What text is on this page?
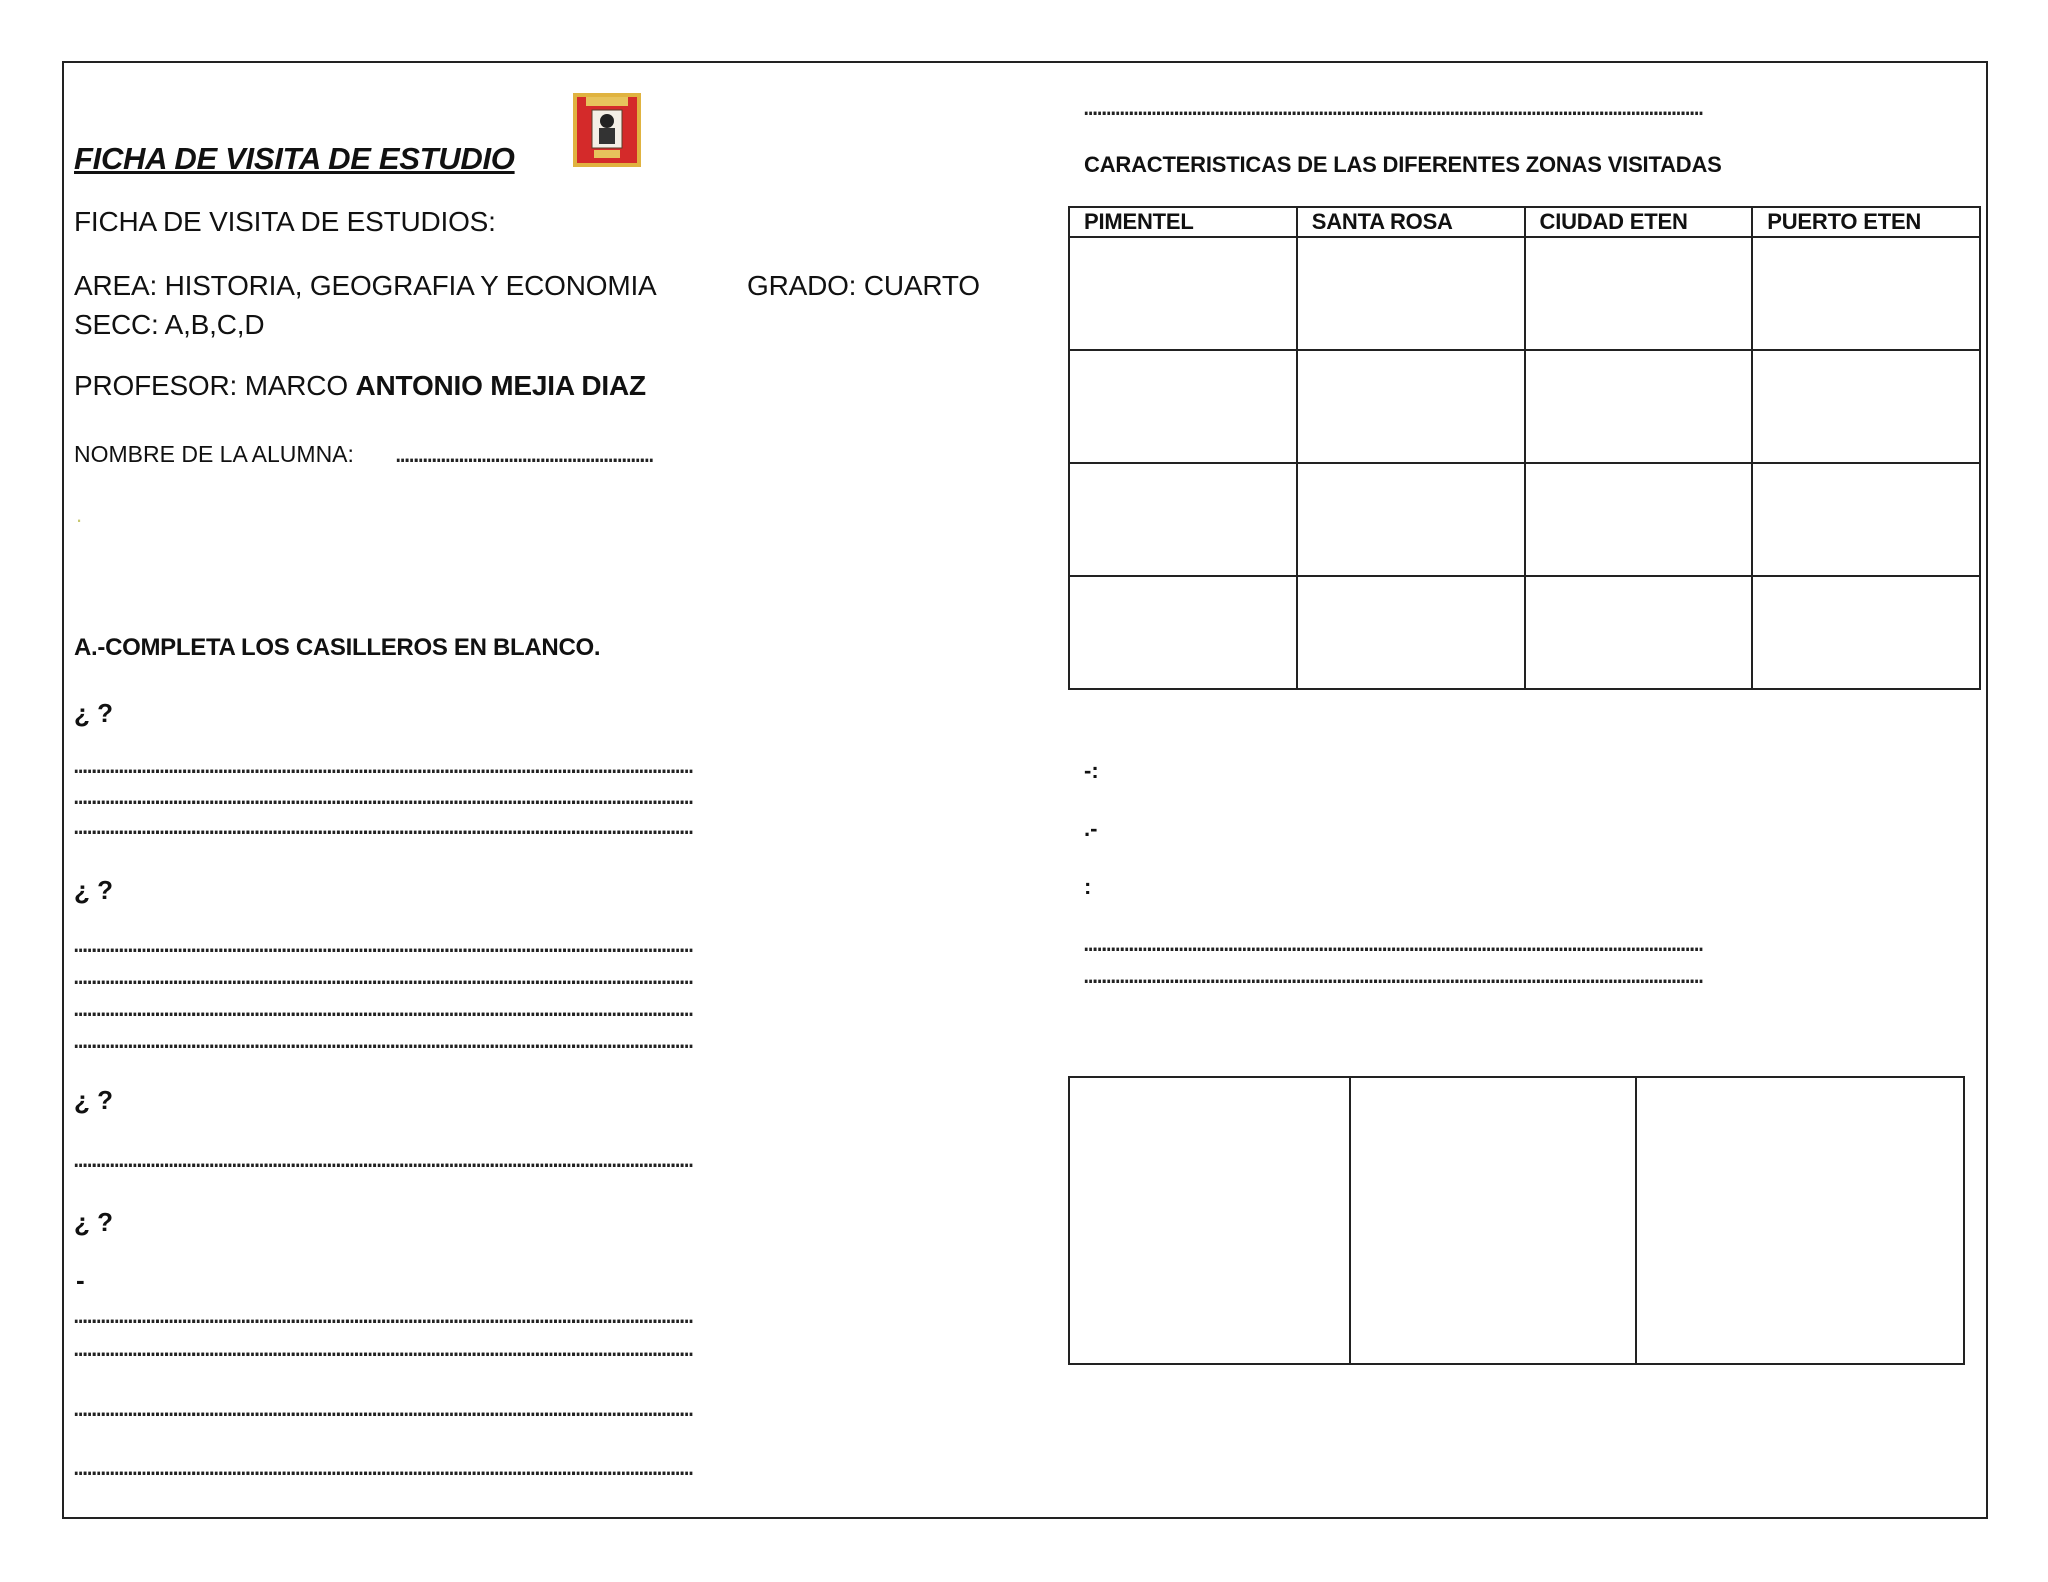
FICHA DE VISITA DE ESTUDIO
FICHA DE VISITA DE ESTUDIOS:
AREA: HISTORIA, GEOGRAFIA Y ECONOMIA	GRADO: CUARTO
SECC: A,B,C,D
PROFESOR: MARCO ANTONIO MEJIA DIAZ
NOMBRE DE LA ALUMNA: …………………………………………………………………………
.
A.-COMPLETA LOS CASILLEROS EN BLANCO.
¿ ?
……………………………………………………………………………………………………………………………………………………………………………………
……………………………………………………………………………………………………………………………………………………………………………………
……………………………………………………………………………………………………………………………………………………………………………………
¿ ?
……………………………………………………………………………………………………………………………………………………………………………………
……………………………………………………………………………………………………………………………………………………………………………………
……………………………………………………………………………………………………………………………………………………………………………………
……………………………………………………………………………………………………………………………………………………………………………………
¿ ?
……………………………………………………………………………………………………………………………………………………………………………………
¿ ?
-
……………………………………………………………………………………………………………………………………………………………………………………
……………………………………………………………………………………………………………………………………………………………………………………
……………………………………………………………………………………………………………………………………………………………………………………
……………………………………………………………………………………………………………………………………………………………………………………
……………………………………………………………………………………………………………………………………………………………………………………
CARACTERISTICAS DE LAS DIFERENTES ZONAS VISITADAS
PIMENTEL	SANTA ROSA	CIUDAD ETEN	PUERTO ETEN

-:
.-
:
……………………………………………………………………………………………………………………………………………………………………………………
……………………………………………………………………………………………………………………………………………………………………………………
